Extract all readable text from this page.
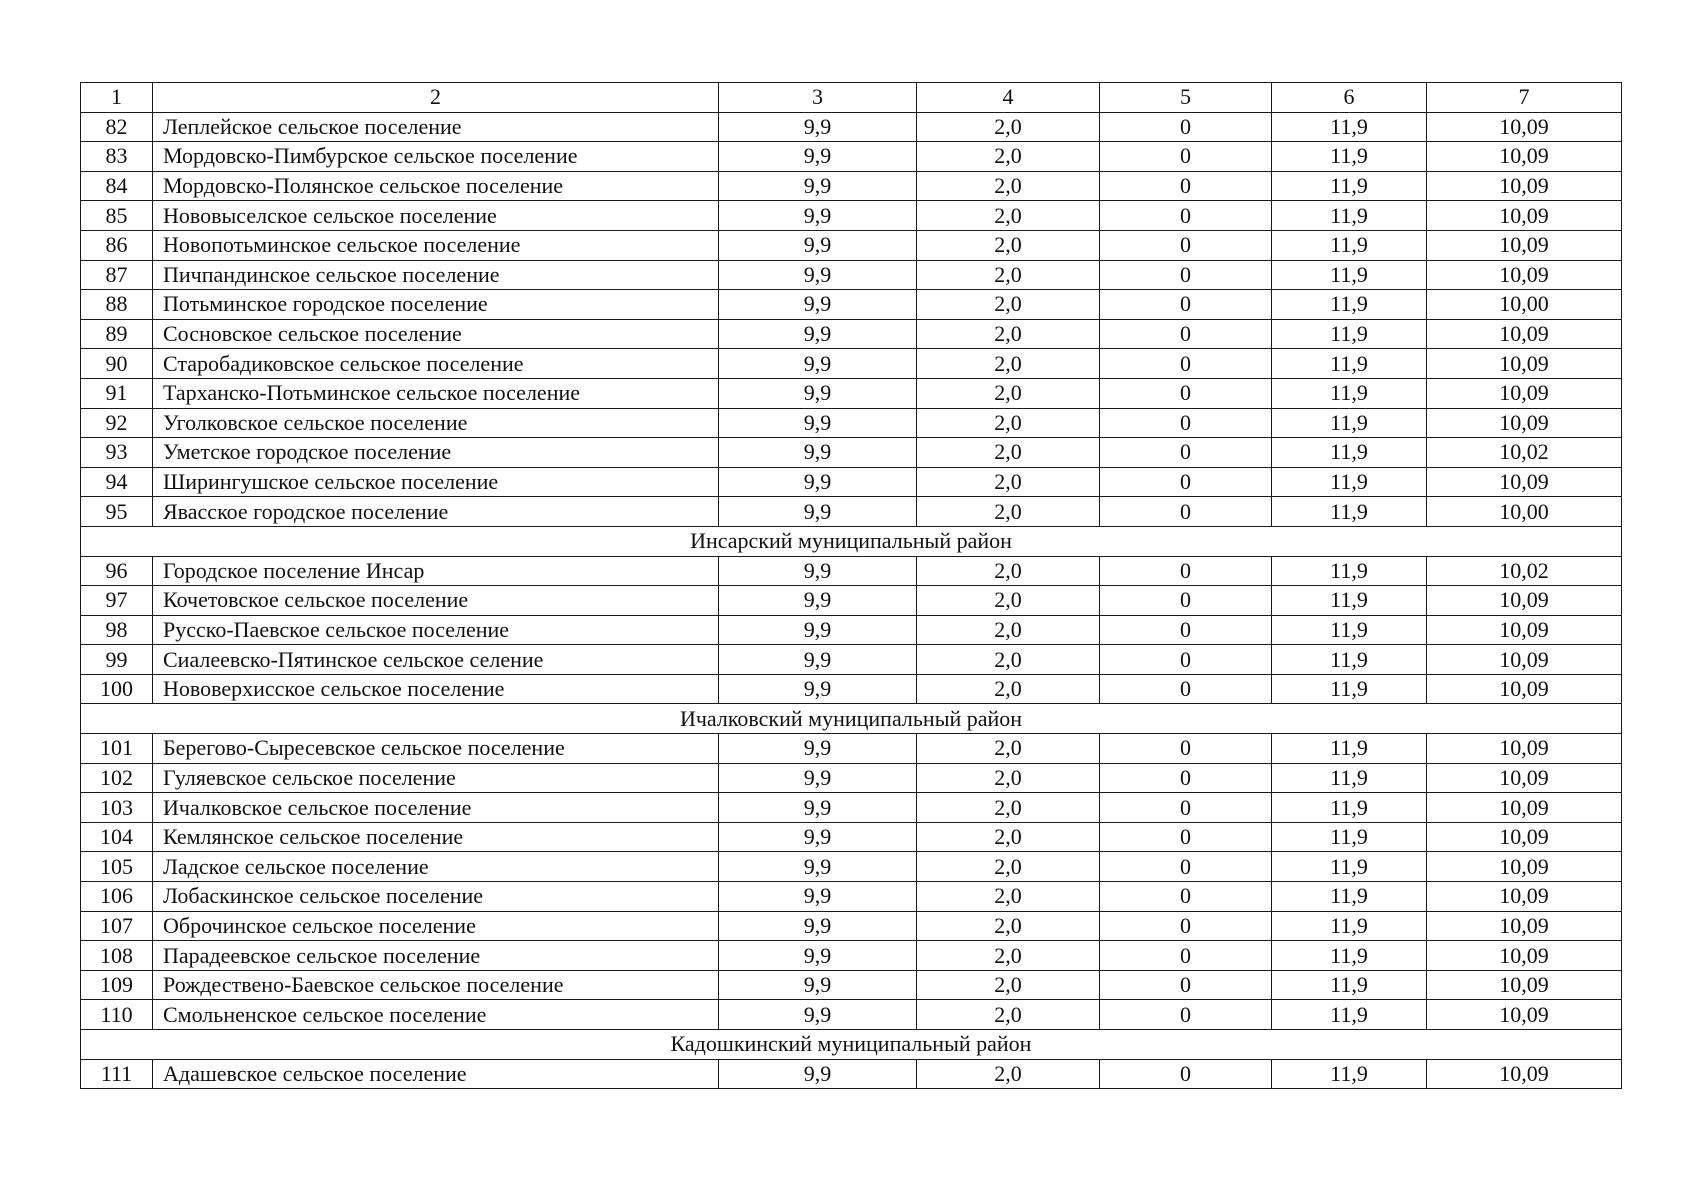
1	2	3	4	5	6	7
82	Леплейское сельское поселение	9,9	2,0	0	11,9	10,09
83	Мордовско-Пимбурское сельское поселение	9,9	2,0	0	11,9	10,09
84	Мордовско-Полянское сельское поселение	9,9	2,0	0	11,9	10,09
85	Нововыселское сельское поселение	9,9	2,0	0	11,9	10,09
86	Новопотьминское сельское поселение	9,9	2,0	0	11,9	10,09
87	Пичпандинское сельское поселение	9,9	2,0	0	11,9	10,09
88	Потьминское городское поселение	9,9	2,0	0	11,9	10,00
89	Сосновское сельское поселение	9,9	2,0	0	11,9	10,09
90	Старобадиковское сельское поселение	9,9	2,0	0	11,9	10,09
91	Тарханско-Потьминское сельское поселение	9,9	2,0	0	11,9	10,09
92	Уголковское сельское поселение	9,9	2,0	0	11,9	10,09
93	Уметское городское поселение	9,9	2,0	0	11,9	10,02
94	Ширингушское сельское поселение	9,9	2,0	0	11,9	10,09
95	Явасское городское поселение	9,9	2,0	0	11,9	10,00
Инсарский муниципальный район						
96	Городское поселение Инсар	9,9	2,0	0	11,9	10,02
97	Кочетовское сельское поселение	9,9	2,0	0	11,9	10,09
98	Русско-Паевское сельское поселение	9,9	2,0	0	11,9	10,09
99	Сиалеевско-Пятинское сельское селение	9,9	2,0	0	11,9	10,09
100	Нововерхисское сельское поселение	9,9	2,0	0	11,9	10,09
Ичалковский муниципальный район						
101	Берегово-Сыресевское сельское поселение	9,9	2,0	0	11,9	10,09
102	Гуляевское сельское поселение	9,9	2,0	0	11,9	10,09
103	Ичалковское сельское поселение	9,9	2,0	0	11,9	10,09
104	Кемлянское сельское поселение	9,9	2,0	0	11,9	10,09
105	Ладское сельское поселение	9,9	2,0	0	11,9	10,09
106	Лобаскинское сельское поселение	9,9	2,0	0	11,9	10,09
107	Оброчинское сельское поселение	9,9	2,0	0	11,9	10,09
108	Парадеевское сельское поселение	9,9	2,0	0	11,9	10,09
109	Рождествено-Баевское сельское поселение	9,9	2,0	0	11,9	10,09
110	Смольненское сельское поселение	9,9	2,0	0	11,9	10,09
Кадошкинский муниципальный район						
111	Адашевское сельское поселение	9,9	2,0	0	11,9	10,09
